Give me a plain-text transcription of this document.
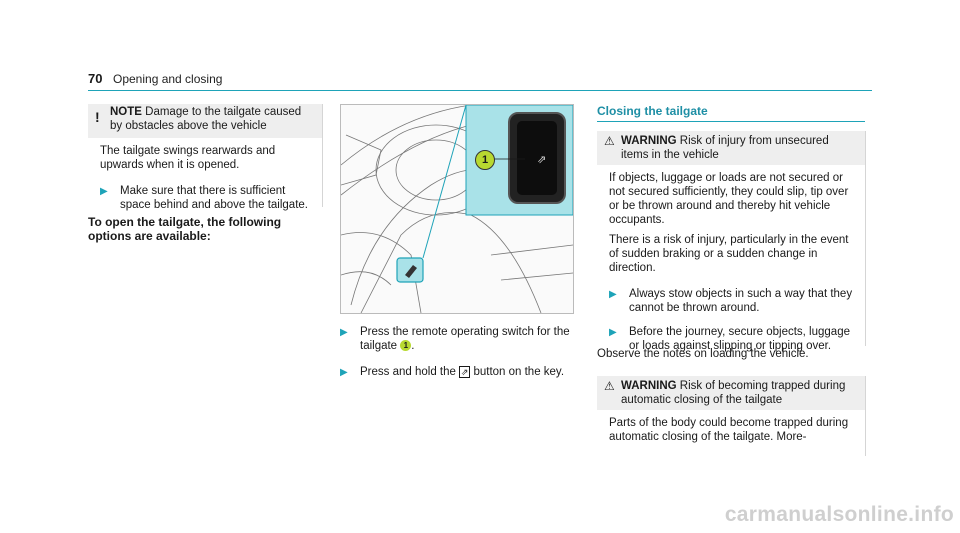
70 Opening and closing
! NOTE Damage to the tailgate caused by obstacles above the vehicle
The tailgate swings rearwards and upwards when it is opened.
▶ Make sure that there is sufficient space behind and above the tailgate.
To open the tailgate, the following options are available:
⇗
1
▶ Press the remote operating switch for the tailgate 1 .
▶ Press and hold the ⇗ button on the key.
Closing the tailgate
⚠ WARNING Risk of injury from unsecured items in the vehicle

If objects, luggage or loads are not secured or not secured sufficiently, they could slip, tip over or be thrown around and thereby hit vehicle occupants.

There is a risk of injury, particularly in the event of sudden braking or a sudden change in direction.

▶ Always stow objects in such a way that they cannot be thrown around.
▶ Before the journey, secure objects, luggage or loads against slipping or tipping over.
Observe the notes on loading the vehicle.
⚠ WARNING Risk of becoming trapped during automatic closing of the tailgate
Parts of the body could become trapped during automatic closing of the tailgate. More-
carmanualsonline.info
